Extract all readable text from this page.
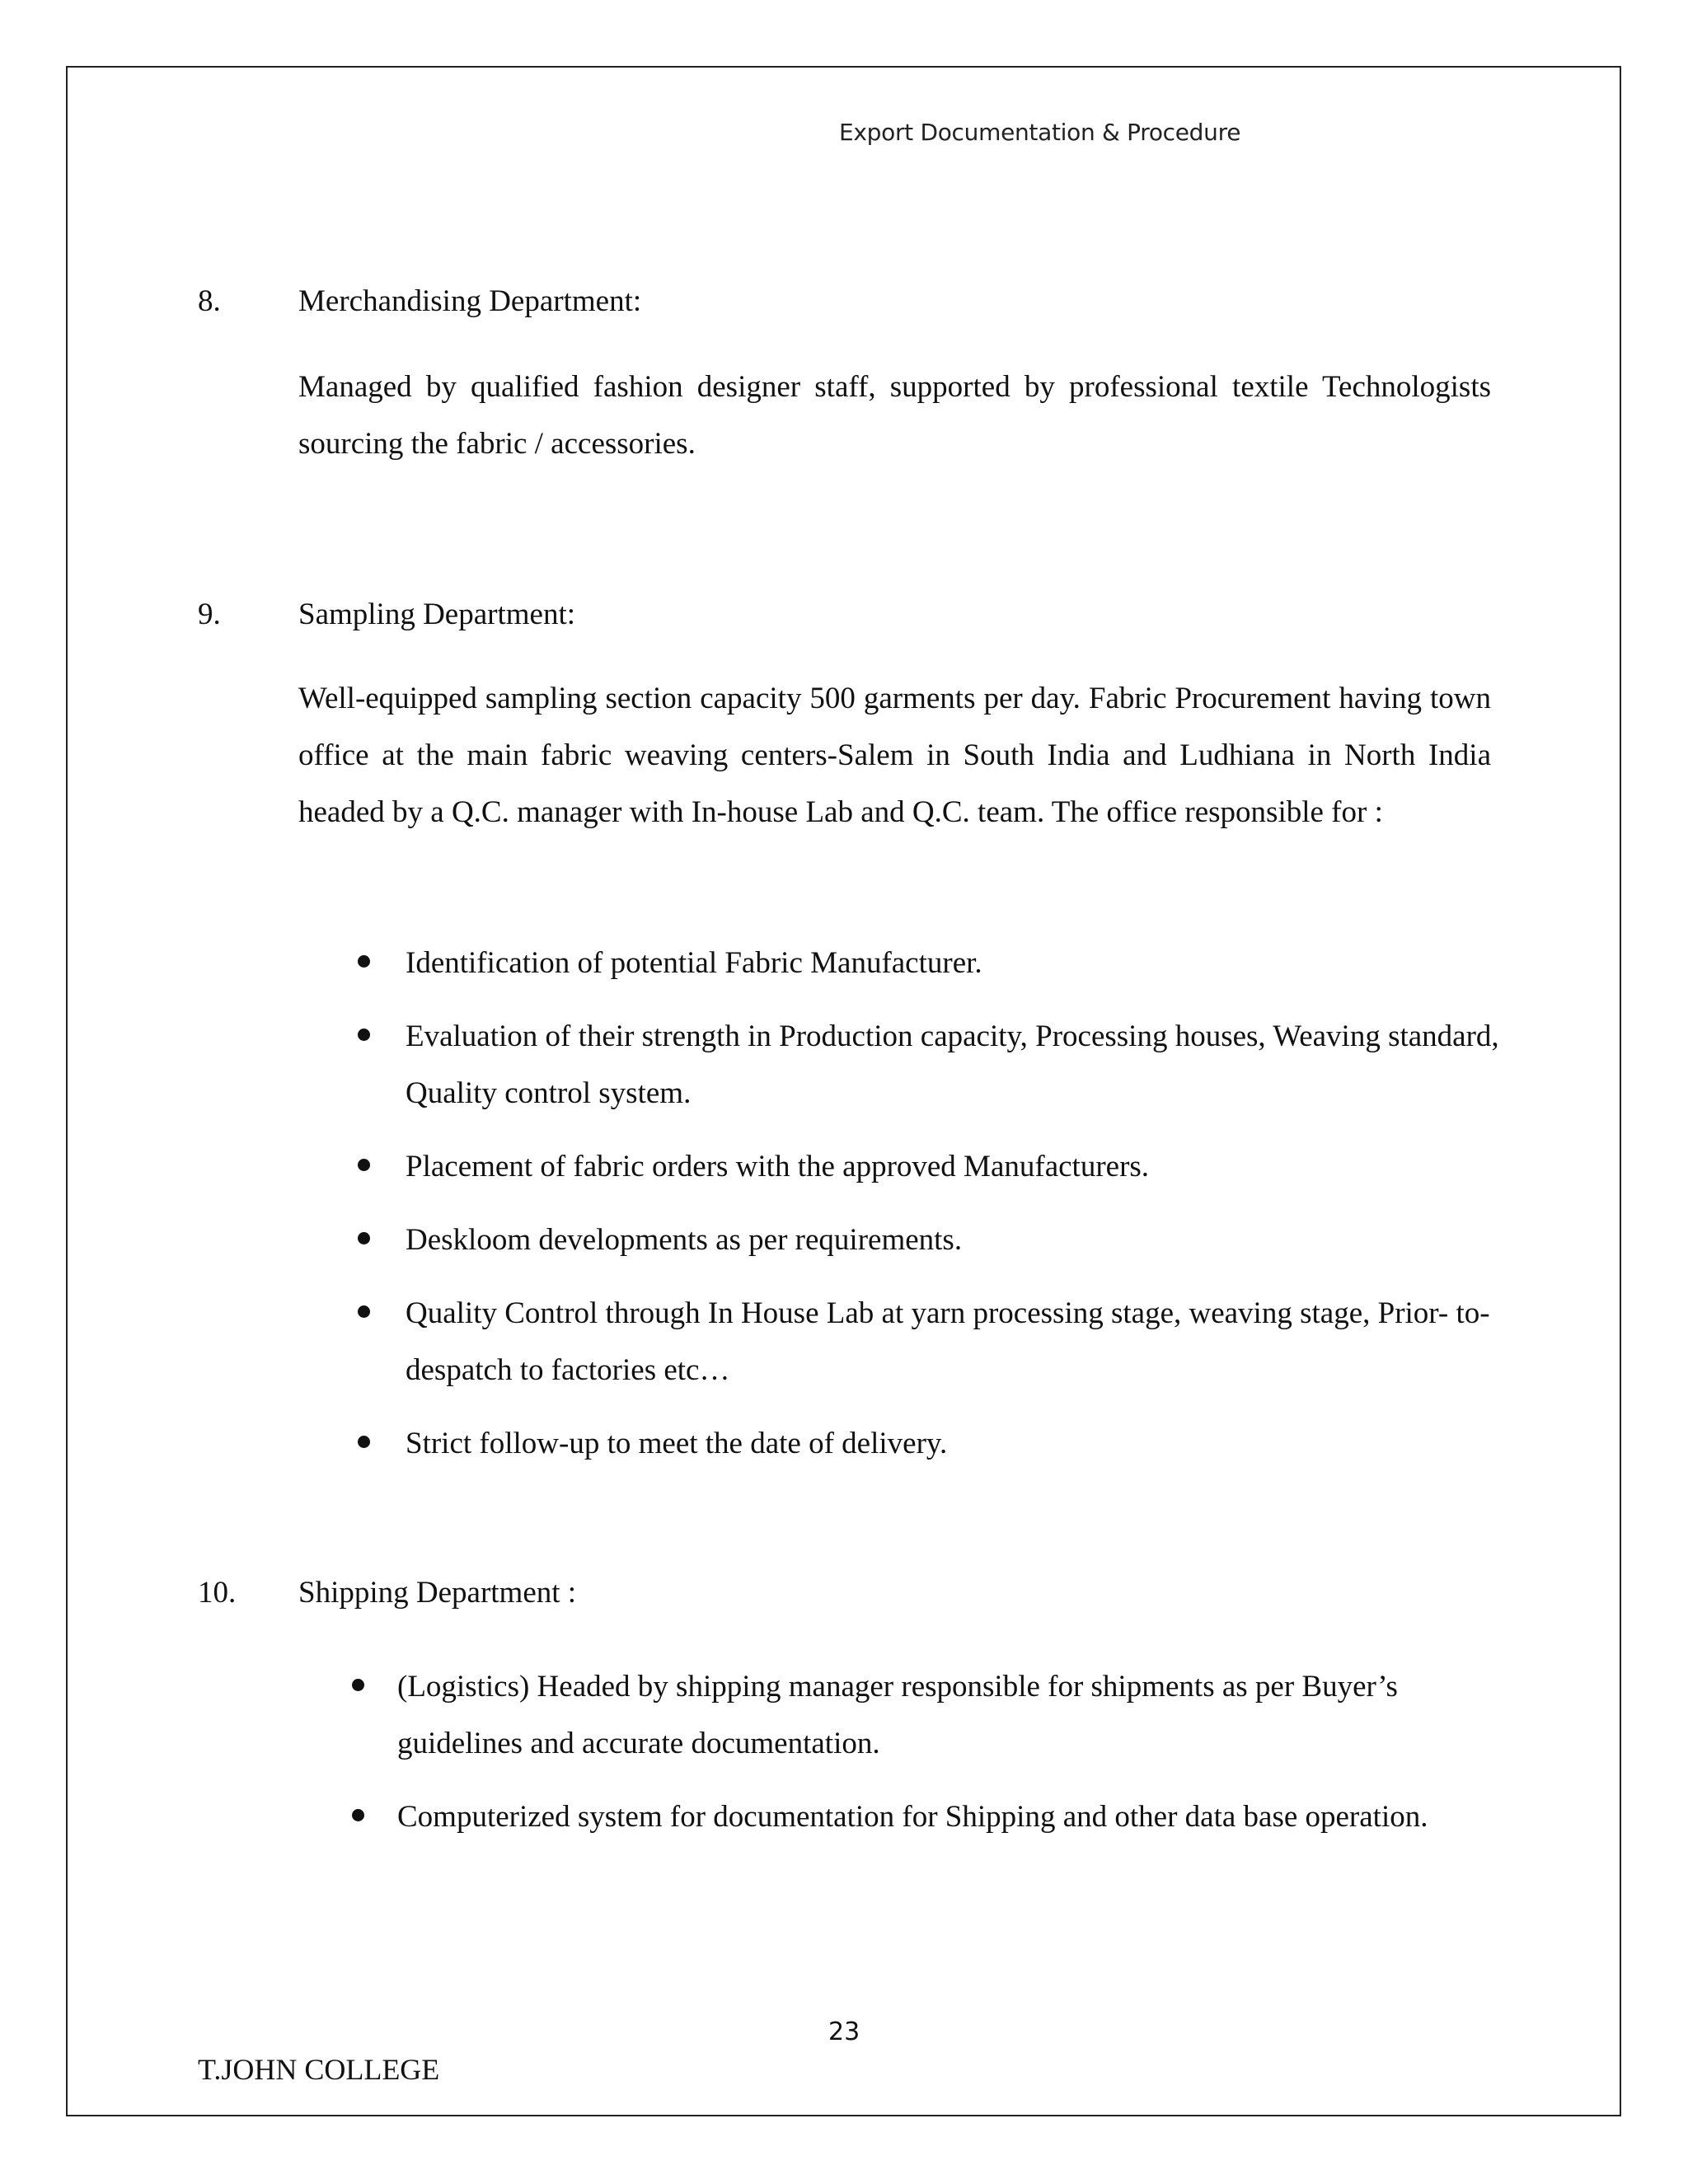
Export Documentation & Procedure
8.	Merchandising Department:
Managed by qualified fashion designer staff, supported by professional textile Technologists sourcing the fabric / accessories.
9.	Sampling Department:
Well-equipped sampling section capacity 500 garments per day. Fabric Procurement having town office at the main fabric weaving centers-Salem in South India and Ludhiana in North India headed by a Q.C. manager with In-house Lab and Q.C. team. The office responsible for :
Identification of potential Fabric Manufacturer.
Evaluation of their strength in Production capacity, Processing houses, Weaving standard, Quality control system.
Placement of fabric orders with the approved Manufacturers.
Deskloom developments as per requirements.
Quality Control through In House Lab at yarn processing stage, weaving stage, Prior- to- despatch to factories etc…
Strict follow-up to meet the date of delivery.
10. Shipping Department :
(Logistics) Headed by shipping manager responsible for shipments as per Buyer’s guidelines and accurate documentation.
Computerized system for documentation for Shipping and other data base operation.
23
T.JOHN COLLEGE
